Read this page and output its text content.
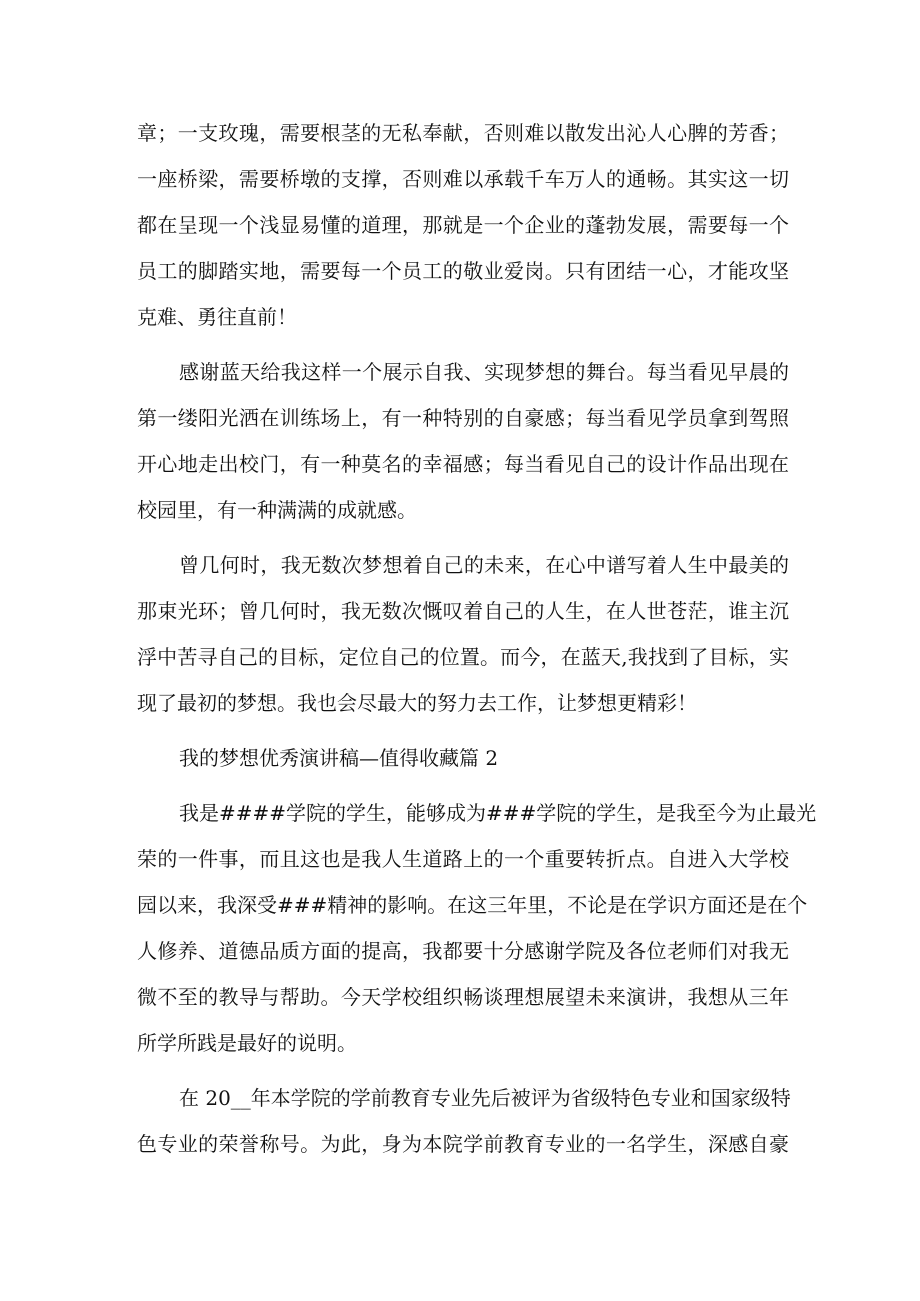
章；一支玫瑰，需要根茎的无私奉献，否则难以散发出沁人心脾的芳香；
一座桥梁，需要桥墩的支撑，否则难以承载千车万人的通畅。其实这一切
都在呈现一个浅显易懂的道理，那就是一个企业的蓬勃发展，需要每一个
员工的脚踏实地，需要每一个员工的敬业爱岗。只有团结一心，才能攻坚
克难、勇往直前！
感谢蓝天给我这样一个展示自我、实现梦想的舞台。每当看见早晨的
第一缕阳光洒在训练场上，有一种特别的自豪感；每当看见学员拿到驾照
开心地走出校门，有一种莫名的幸福感；每当看见自己的设计作品出现在
校园里，有一种满满的成就感。
曾几何时，我无数次梦想着自己的未来，在心中谱写着人生中最美的
那束光环；曾几何时，我无数次慨叹着自己的人生，在人世苍茫，谁主沉
浮中苦寻自己的目标，定位自己的位置。而今，在蓝天,我找到了目标，实
现了最初的梦想。我也会尽最大的努力去工作，让梦想更精彩！
我的梦想优秀演讲稿—值得收藏篇 2
我是####学院的学生，能够成为###学院的学生，是我至今为止最光
荣的一件事，而且这也是我人生道路上的一个重要转折点。自进入大学校
园以来，我深受###精神的影响。在这三年里，不论是在学识方面还是在个
人修养、道德品质方面的提高，我都要十分感谢学院及各位老师们对我无
微不至的教导与帮助。今天学校组织畅谈理想展望未来演讲，我想从三年
所学所践是最好的说明。
在 20__年本学院的学前教育专业先后被评为省级特色专业和国家级特
色专业的荣誉称号。为此，身为本院学前教育专业的一名学生，深感自豪
